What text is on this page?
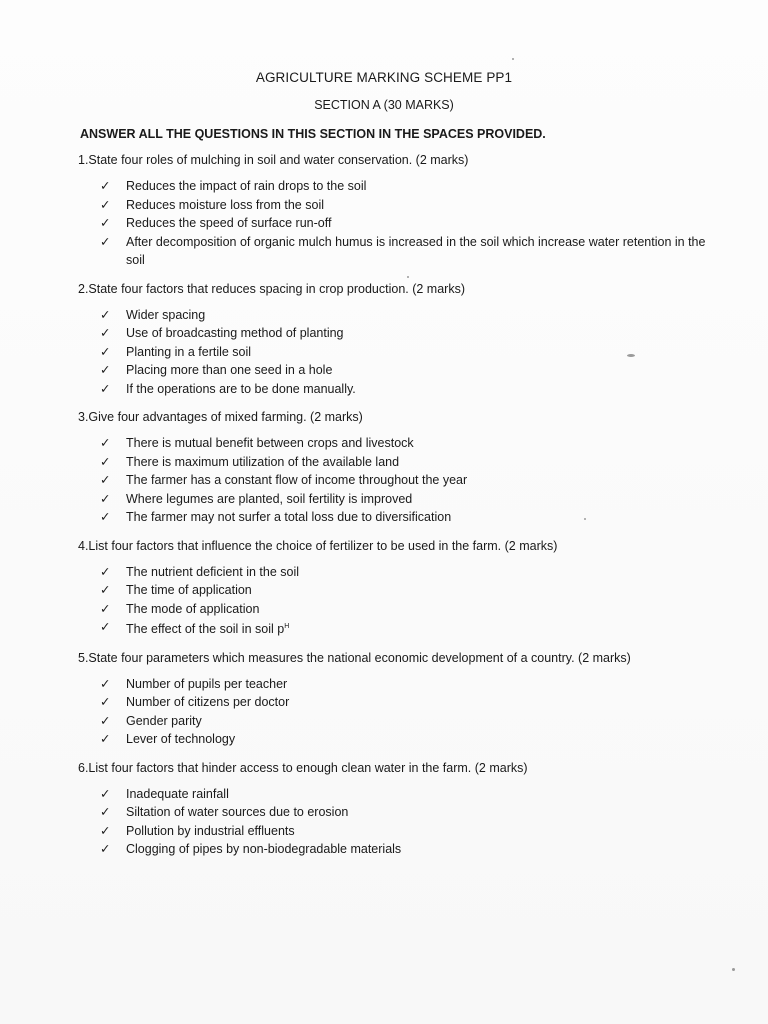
AGRICULTURE MARKING SCHEME PP1
SECTION A (30 MARKS)
ANSWER ALL THE QUESTIONS IN THIS SECTION IN THE SPACES PROVIDED.
1.State four roles of mulching in soil and water conservation. (2 marks)
✓ Reduces the impact of rain drops to the soil
✓ Reduces moisture loss from the soil
✓ Reduces the speed of surface run-off
✓ After decomposition of organic mulch humus is increased in the soil which increase water retention in the soil
2.State four factors that reduces spacing in crop production. (2 marks)
✓ Wider spacing
✓ Use of broadcasting method of planting
✓ Planting in a fertile soil
✓ Placing more than one seed in a hole
✓ If the operations are to be done manually.
3.Give four advantages of mixed farming. (2 marks)
✓ There is mutual benefit between crops and livestock
✓ There is maximum utilization of the available land
✓ The farmer has a constant flow of income throughout the year
✓ Where legumes are planted, soil fertility is improved
✓ The farmer may not surfer a total loss due to diversification
4.List four factors that influence the choice of fertilizer to be used in the farm. (2 marks)
✓ The nutrient deficient in the soil
✓ The time of application
✓ The mode of application
✓ The effect of the soil in soil $p^H$
5.State four parameters which measures the national economic development of a country. (2 marks)
✓ Number of pupils per teacher
✓ Number of citizens per doctor
✓ Gender parity
✓ Lever of technology
6.List four factors that hinder access to enough clean water in the farm. (2 marks)
✓ Inadequate rainfall
✓ Siltation of water sources due to erosion
✓ Pollution by industrial effluents
✓ Clogging of pipes by non-biodegradable materials
